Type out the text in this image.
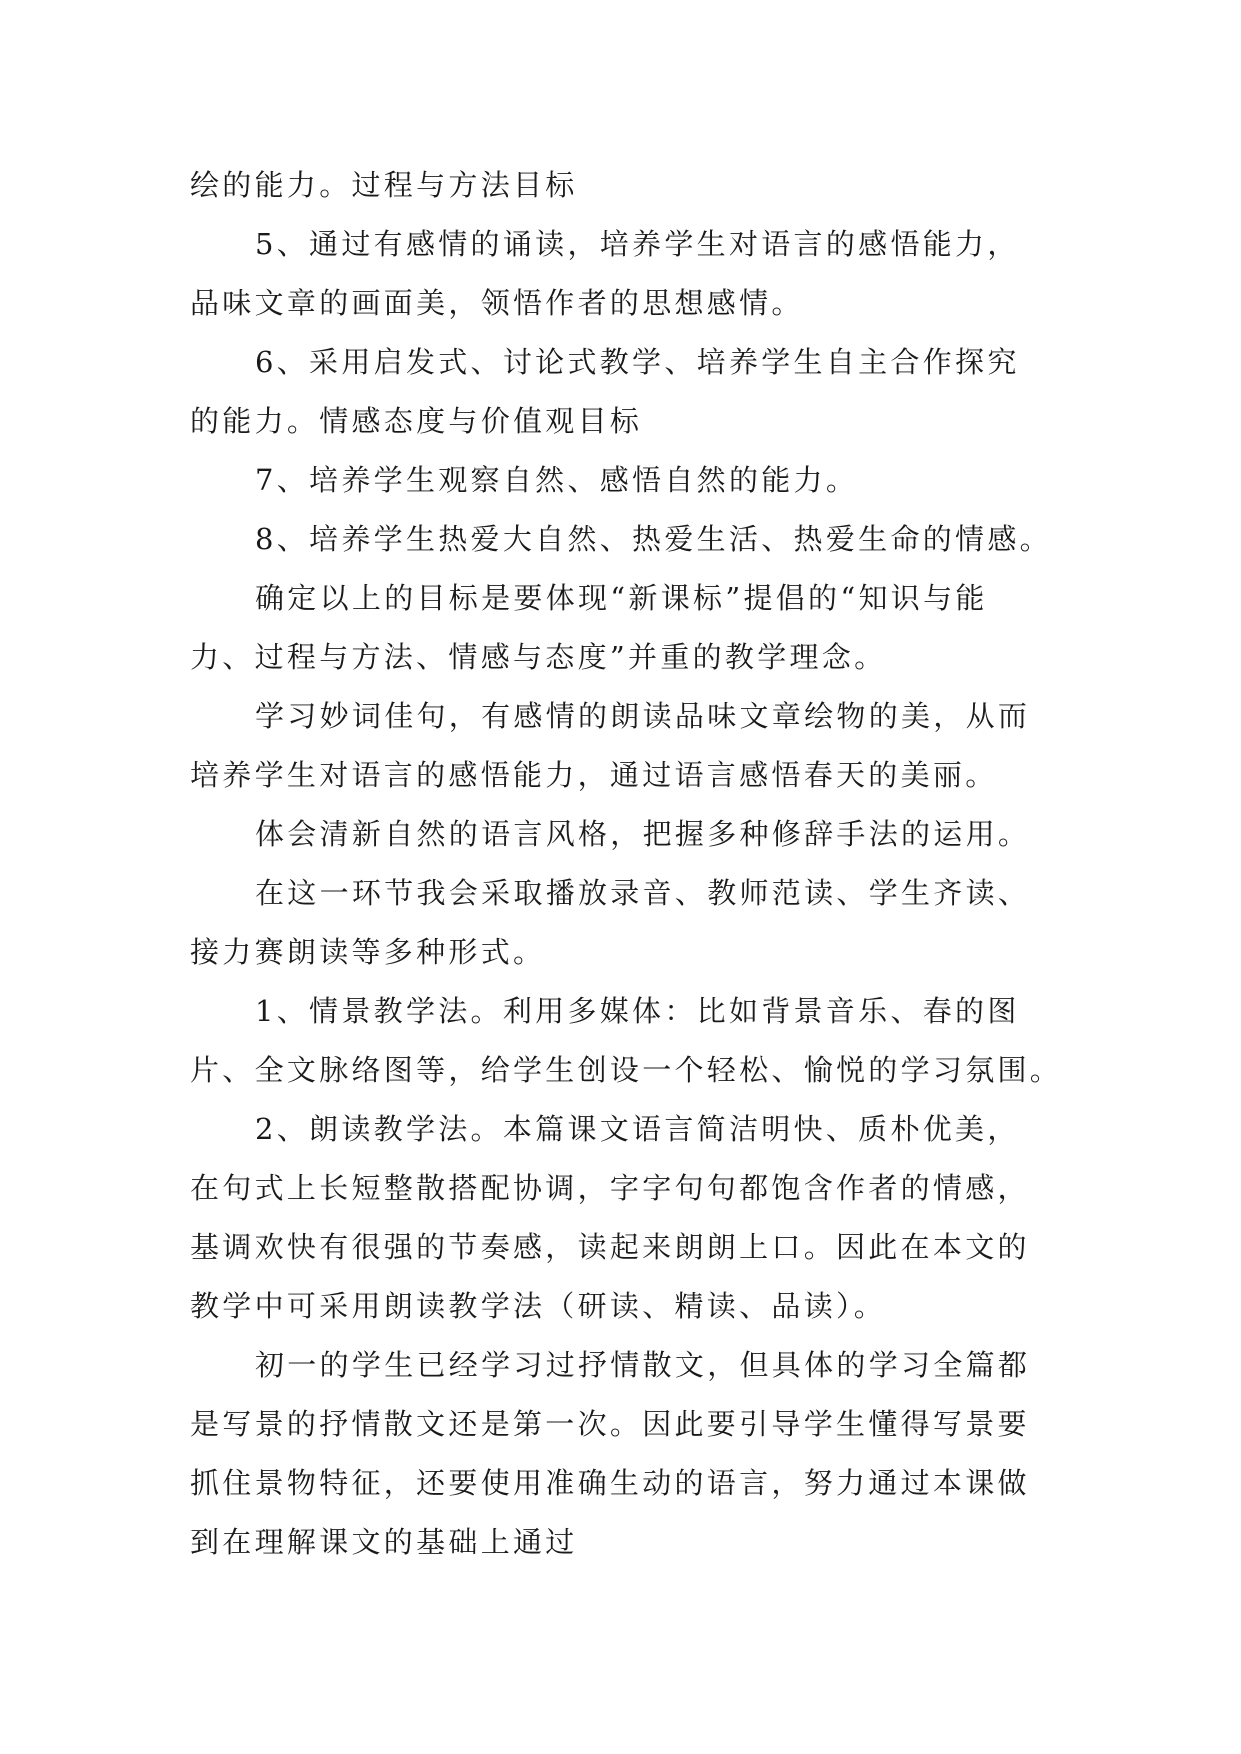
绘的能力。过程与方法目标
5、通过有感情的诵读，培养学生对语言的感悟能力，
品味文章的画面美，领悟作者的思想感情。
6、采用启发式、讨论式教学、培养学生自主合作探究
的能力。情感态度与价值观目标
7、培养学生观察自然、感悟自然的能力。
8、培养学生热爱大自然、热爱生活、热爱生命的情感。
确定以上的目标是要体现“新课标”提倡的“知识与能
力、过程与方法、情感与态度”并重的教学理念。
学习妙词佳句，有感情的朗读品味文章绘物的美，从而
培养学生对语言的感悟能力，通过语言感悟春天的美丽。
体会清新自然的语言风格，把握多种修辞手法的运用。
在这一环节我会采取播放录音、教师范读、学生齐读、
接力赛朗读等多种形式。
1、情景教学法。利用多媒体：比如背景音乐、春的图
片、全文脉络图等，给学生创设一个轻松、愉悦的学习氛围。
2、朗读教学法。本篇课文语言简洁明快、质朴优美，
在句式上长短整散搭配协调，字字句句都饱含作者的情感，
基调欢快有很强的节奏感，读起来朗朗上口。因此在本文的
教学中可采用朗读教学法（研读、精读、品读）。
初一的学生已经学习过抒情散文，但具体的学习全篇都
是写景的抒情散文还是第一次。因此要引导学生懂得写景要
抓住景物特征，还要使用准确生动的语言，努力通过本课做
到在理解课文的基础上通过
